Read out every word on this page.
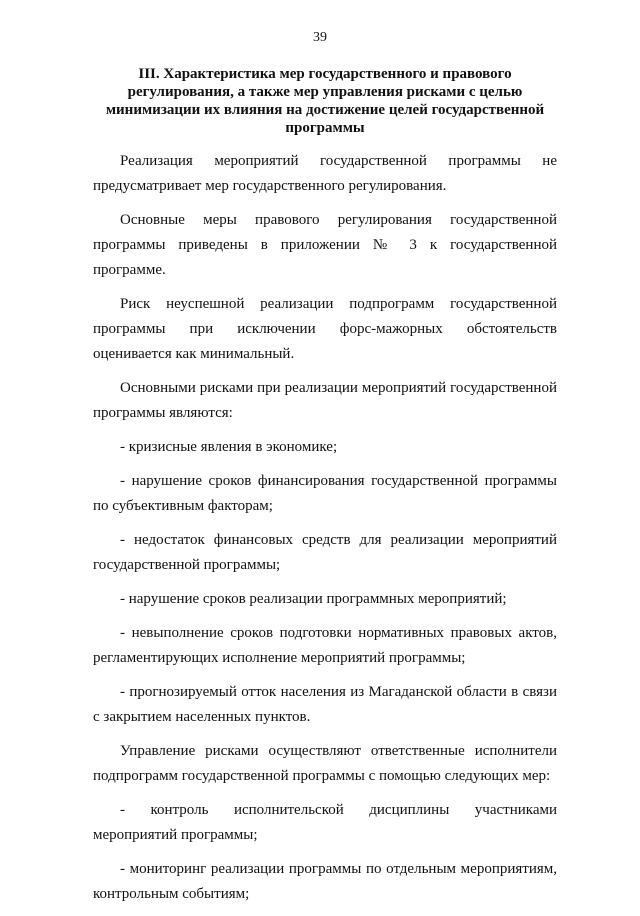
39
III. Характеристика мер государственного и правового регулирования, а также мер управления рисками с целью минимизации их влияния на достижение целей государственной программы

Реализация мероприятий государственной программы не предусматривает мер государственного регулирования.

Основные меры правового регулирования государственной программы приведены в приложении № 3 к государственной программе.

Риск неуспешной реализации подпрограмм государственной программы при исключении форс-мажорных обстоятельств оценивается как минимальный.

Основными рисками при реализации мероприятий государственной программы являются:

- кризисные явления в экономике;

- нарушение сроков финансирования государственной программы по субъективным факторам;

- недостаток финансовых средств для реализации мероприятий государственной программы;

- нарушение сроков реализации программных мероприятий;

- невыполнение сроков подготовки нормативных правовых актов, регламентирующих исполнение мероприятий программы;

- прогнозируемый отток населения из Магаданской области в связи с закрытием населенных пунктов.

Управление рисками осуществляют ответственные исполнители подпрограмм государственной программы с помощью следующих мер:

- контроль исполнительской дисциплины участниками мероприятий программы;

- мониторинг реализации программы по отдельным мероприятиям, контрольным событиям;
